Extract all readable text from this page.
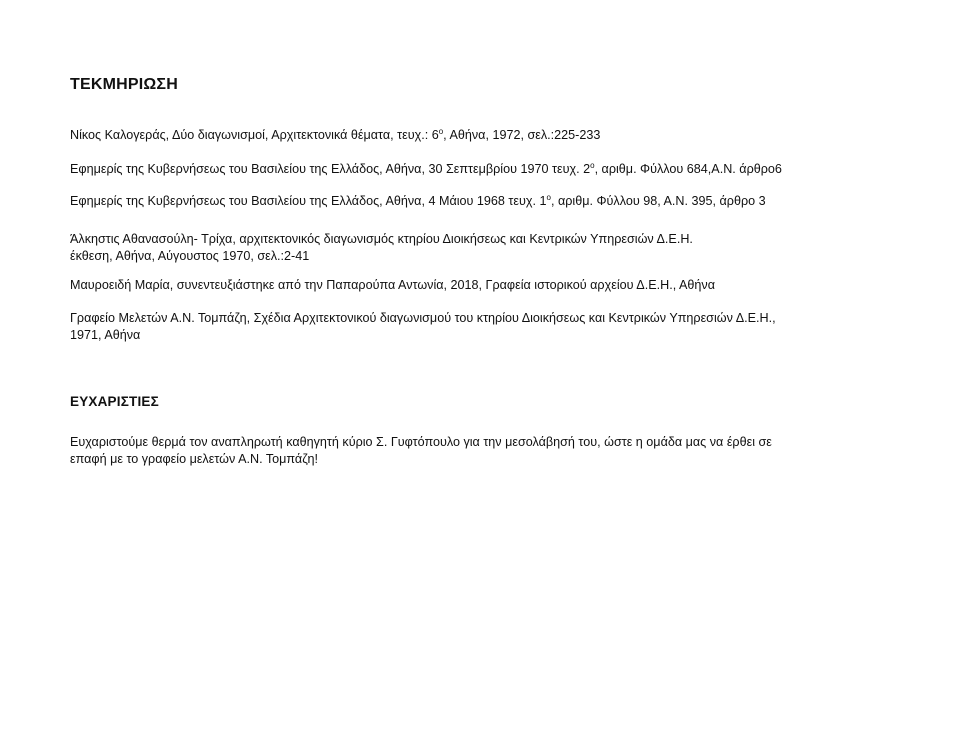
ΤΕΚΜΗΡΙΩΣΗ

Νίκος Καλογεράς, Δύο διαγωνισμοί, Αρχιτεκτονικά θέματα, τευχ.: $6^o$, Αθήνα, 1972, σελ.:225-233

Εφημερίς της Κυβερνήσεως του Βασιλείου της Ελλάδος, Αθήνα, 30 Σεπτεμβρίου 1970 τευχ. $2^o$, αριθμ. Φύλλου 684,Α.Ν. άρθρο6

Εφημερίς της Κυβερνήσεως του Βασιλείου της Ελλάδος, Αθήνα, 4 Μάιου 1968 τευχ. $1^o$, αριθμ. Φύλλου 98, Α.Ν. 395, άρθρο 3

Άλκηστις Αθανασούλη- Τρίχα, αρχιτεκτονικός διαγωνισμός κτηρίου Διοικήσεως και Κεντρικών Υπηρεσιών Δ.Ε.Η.

έκθεση, Αθήνα, Αύγουστος 1970, σελ.:2-41

Μαυροειδή Μαρία, συνεντευξιάστηκε από την Παπαρούπα Αντωνία, 2018, Γραφεία ιστορικού αρχείου Δ.Ε.Η., Αθήνα

Γραφείο Μελετών Α.Ν. Τομπάζη, Σχέδια Αρχιτεκτονικού διαγωνισμού του κτηρίου Διοικήσεως και Κεντρικών Υπηρεσιών Δ.Ε.Η.,

1971, Αθήνα

ΕΥΧΑΡΙΣΤΙΕΣ

Ευχαριστούμε θερμά τον αναπληρωτή καθηγητή κύριο Σ. Γυφτόπουλο για την μεσολάβησή του, ώστε η ομάδα μας να έρθει σε

επαφή με το γραφείο μελετών Α.Ν. Τομπάζη!
